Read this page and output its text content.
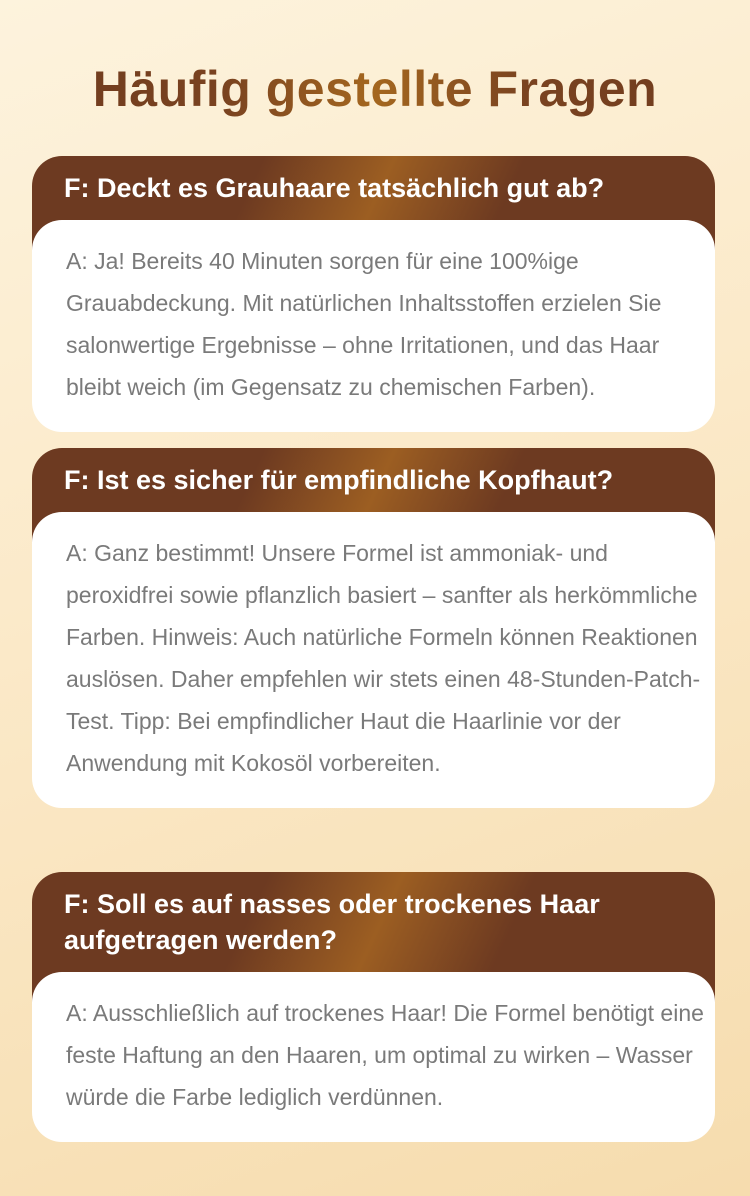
Häufig gestellte Fragen
F: Deckt es Grauhaare tatsächlich gut ab?
A: Ja! Bereits 40 Minuten sorgen für eine 100%ige Grauabdeckung. Mit natürlichen Inhaltsstoffen erzielen Sie salonwertige Ergebnisse – ohne Irritationen, und das Haar bleibt weich (im Gegensatz zu chemischen Farben).
F: Ist es sicher für empfindliche Kopfhaut?
A: Ganz bestimmt! Unsere Formel ist ammoniak- und peroxidfrei sowie pflanzlich basiert – sanfter als herkömmliche Farben. Hinweis: Auch natürliche Formeln können Reaktionen auslösen. Daher empfehlen wir stets einen 48-Stunden-Patch-Test. Tipp: Bei empfindlicher Haut die Haarlinie vor der Anwendung mit Kokosöl vorbereiten.
F: Soll es auf nasses oder trockenes Haar aufgetragen werden?
A: Ausschließlich auf trockenes Haar! Die Formel benötigt eine feste Haftung an den Haaren, um optimal zu wirken – Wasser würde die Farbe lediglich verdünnen.
